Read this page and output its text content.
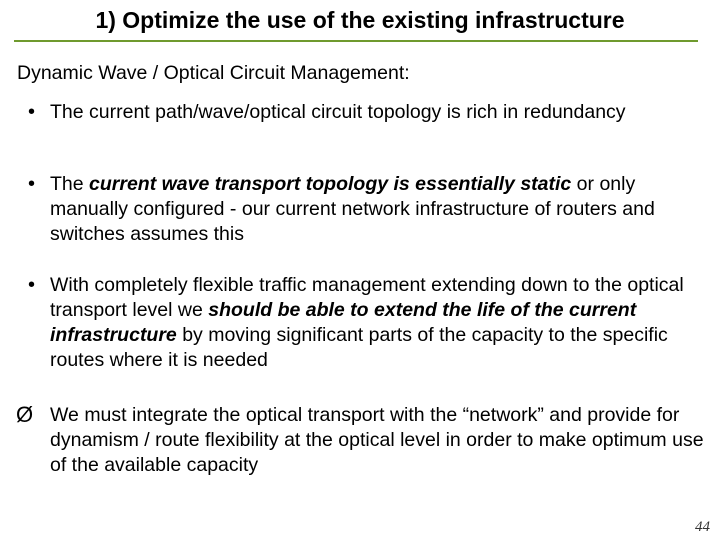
1) Optimize the use of the existing infrastructure
Dynamic Wave / Optical Circuit Management:
• The current path/wave/optical circuit topology is rich in redundancy
• The current wave transport topology is essentially static or only manually configured - our current network infrastructure of routers and switches assumes this
• With completely flexible traffic management extending down to the optical transport level we should be able to extend the life of the current infrastructure by moving significant parts of the capacity to the specific routes where it is needed
Ø We must integrate the optical transport with the “network” and provide for dynamism / route flexibility at the optical level in order to make optimum use of the available capacity
44
